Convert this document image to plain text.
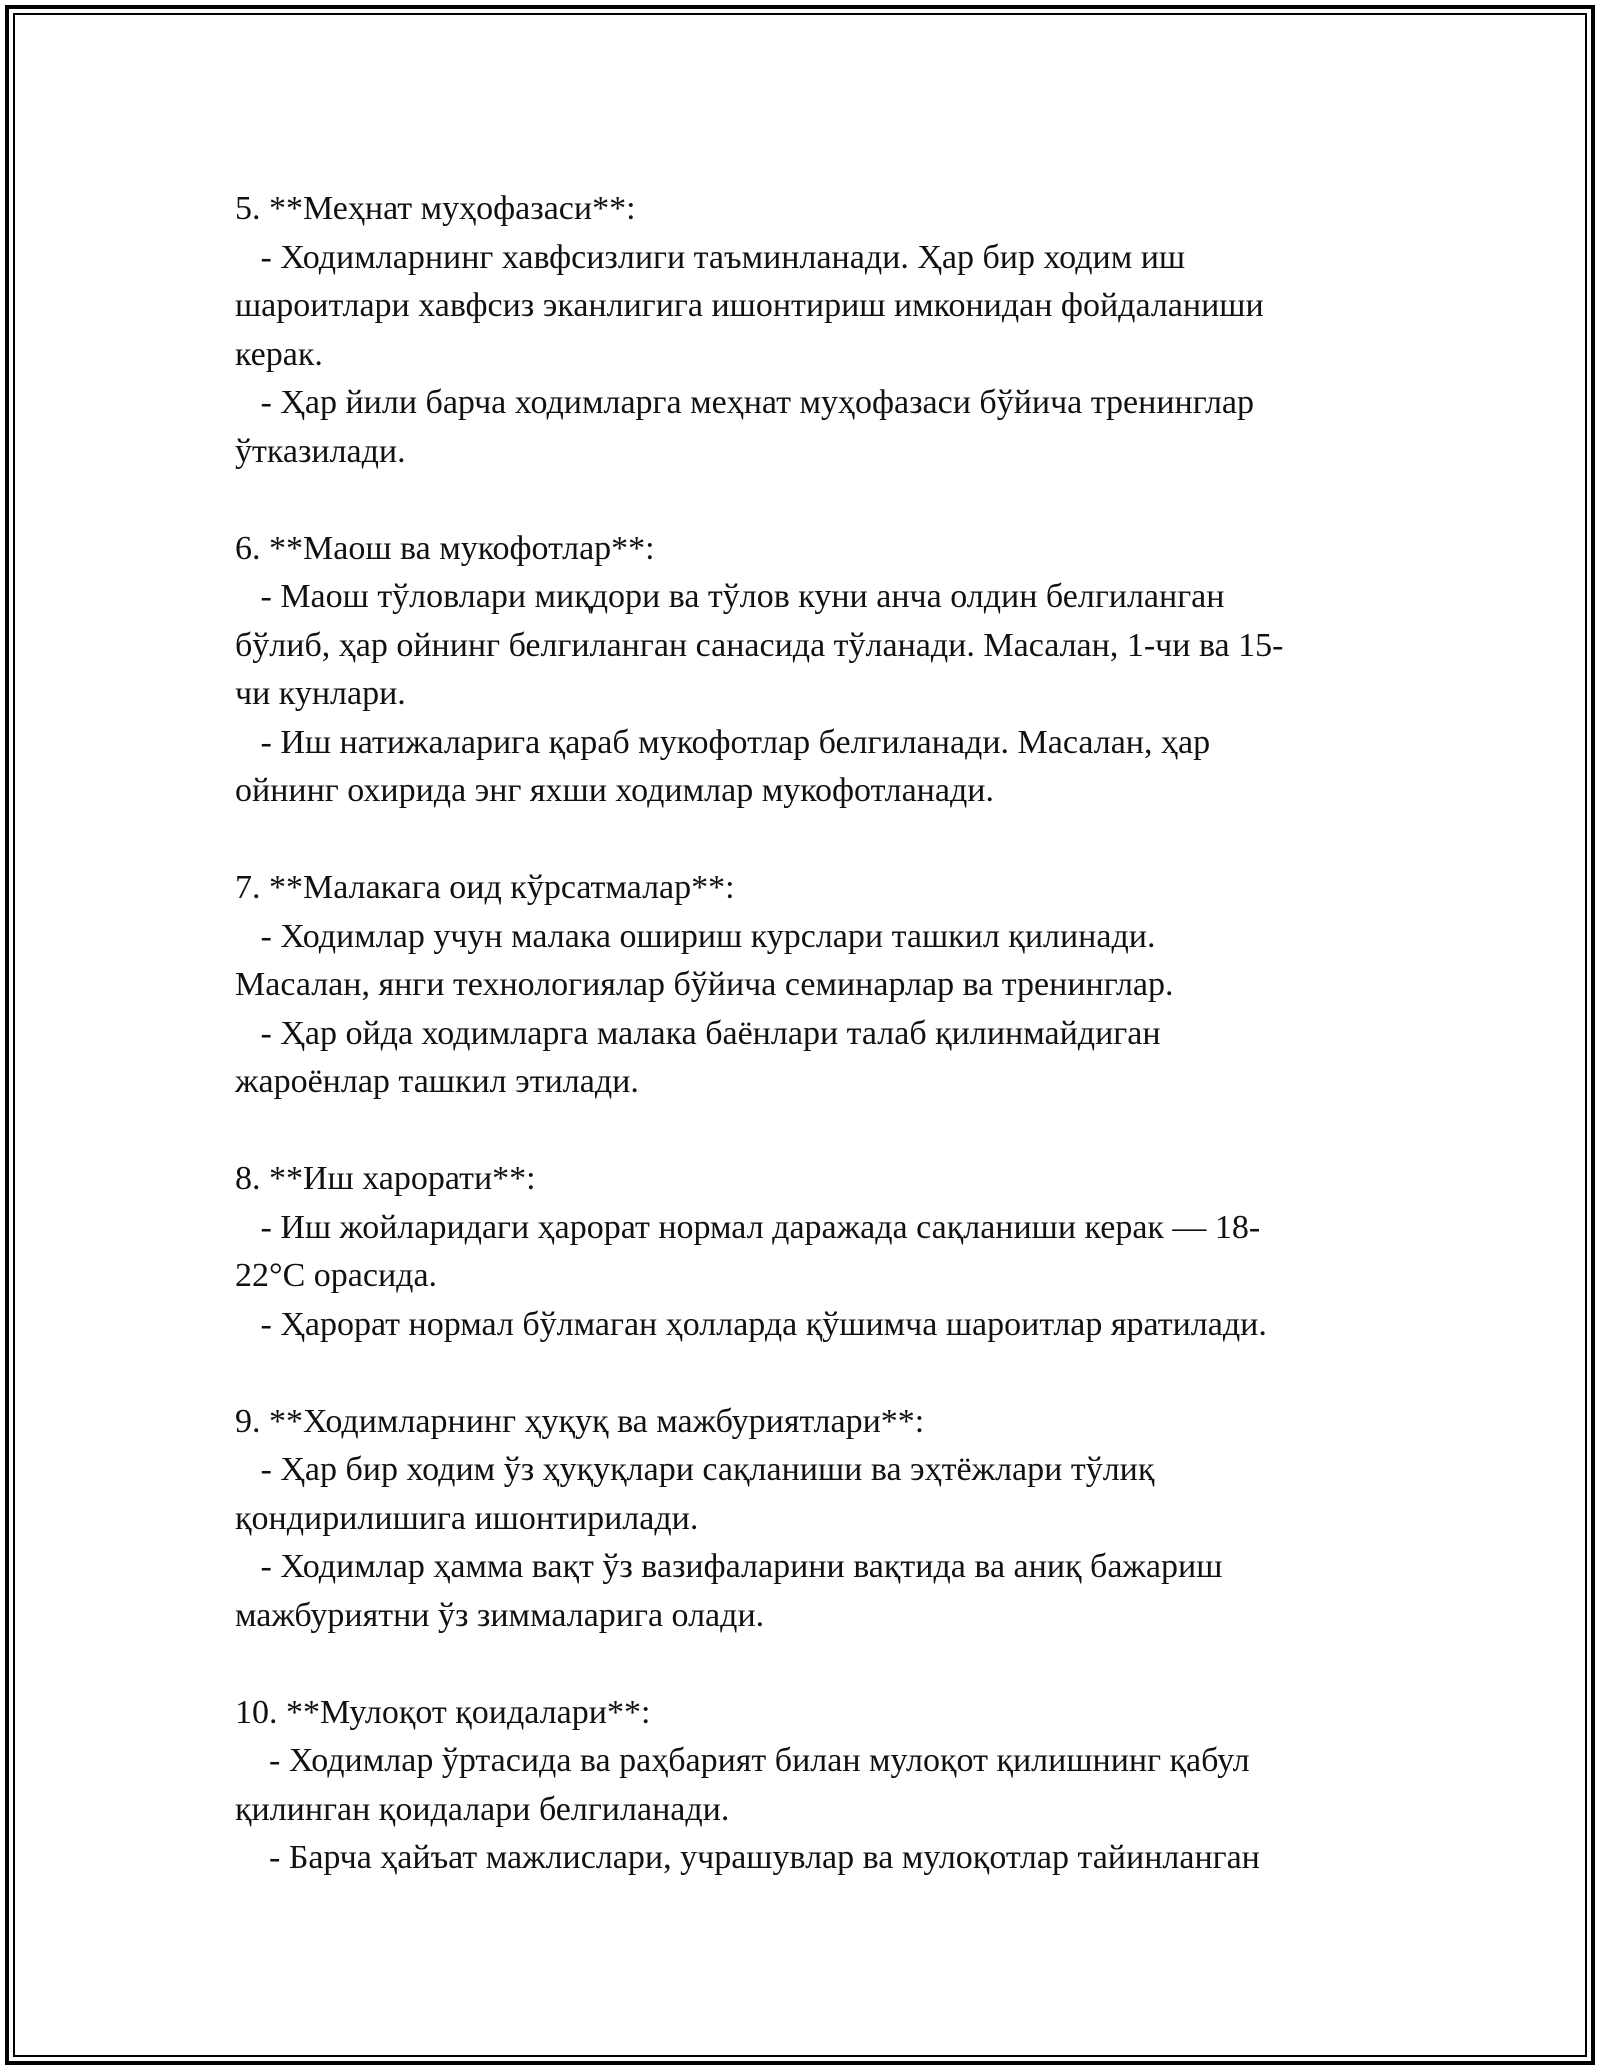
5. **Меҳнат муҳофазаси**:
- Ходимларнинг хавфсизлиги таъминланади. Ҳар бир ходим иш
шароитлари хавфсиз эканлигига ишонтириш имконидан фойдаланиши
керак.
- Ҳар йили барча ходимларга меҳнат муҳофазаси бўйича тренинглар
ўтказилади.
6. **Маош ва мукофотлар**:
- Маош тўловлари миқдори ва тўлов куни анча олдин белгиланган
бўлиб, ҳар ойнинг белгиланган санасида тўланади. Масалан, 1-чи ва 15-
чи кунлари.
- Иш натижаларига қараб мукофотлар белгиланади. Масалан, ҳар
ойнинг охирида энг яхши ходимлар мукофотланади.
7. **Малакага оид кўрсатмалар**:
- Ходимлар учун малака ошириш курслари ташкил қилинади.
Масалан, янги технологиялар бўйича семинарлар ва тренинглар.
- Ҳар ойда ходимларга малака баёнлари талаб қилинмайдиган
жароёнлар ташкил этилади.
8. **Иш харорати**:
- Иш жойларидаги ҳарорат нормал даражада сақланиши керак — 18-
22°C орасида.
- Ҳарорат нормал бўлмаган ҳолларда қўшимча шароитлар яратилади.
9. **Ходимларнинг ҳуқуқ ва мажбуриятлари**:
- Ҳар бир ходим ўз ҳуқуқлари сақланиши ва эҳтёжлари тўлиқ
қондирилишига ишонтирилади.
- Ходимлар ҳамма вақт ўз вазифаларини вақтида ва аниқ бажариш
мажбуриятни ўз зиммаларига олади.
10. **Мулоқот қоидалари**:
- Ходимлар ўртасида ва раҳбарият билан мулоқот қилишнинг қабул
қилинган қоидалари белгиланади.
- Барча ҳайъат мажлислари, учрашувлар ва мулоқотлар тайинланган
